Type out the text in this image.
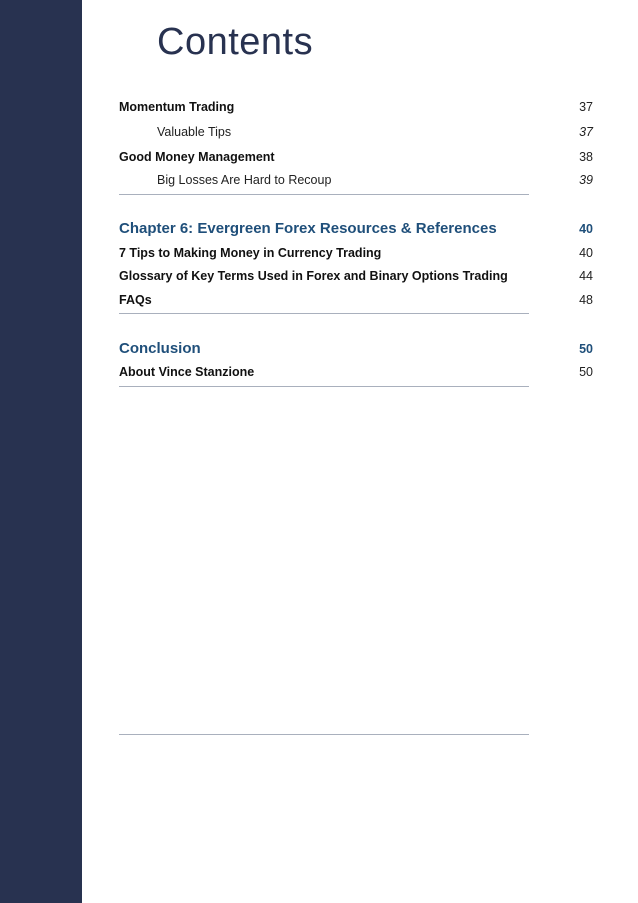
Contents
Momentum Trading	37
Valuable Tips	37
Good Money Management	38
Big Losses Are Hard to Recoup	39
Chapter 6: Evergreen Forex Resources & References	40
7 Tips to Making Money in Currency Trading	40
Glossary of Key Terms Used in Forex and Binary Options Trading	44
FAQs	48
Conclusion	50
About Vince Stanzione	50
